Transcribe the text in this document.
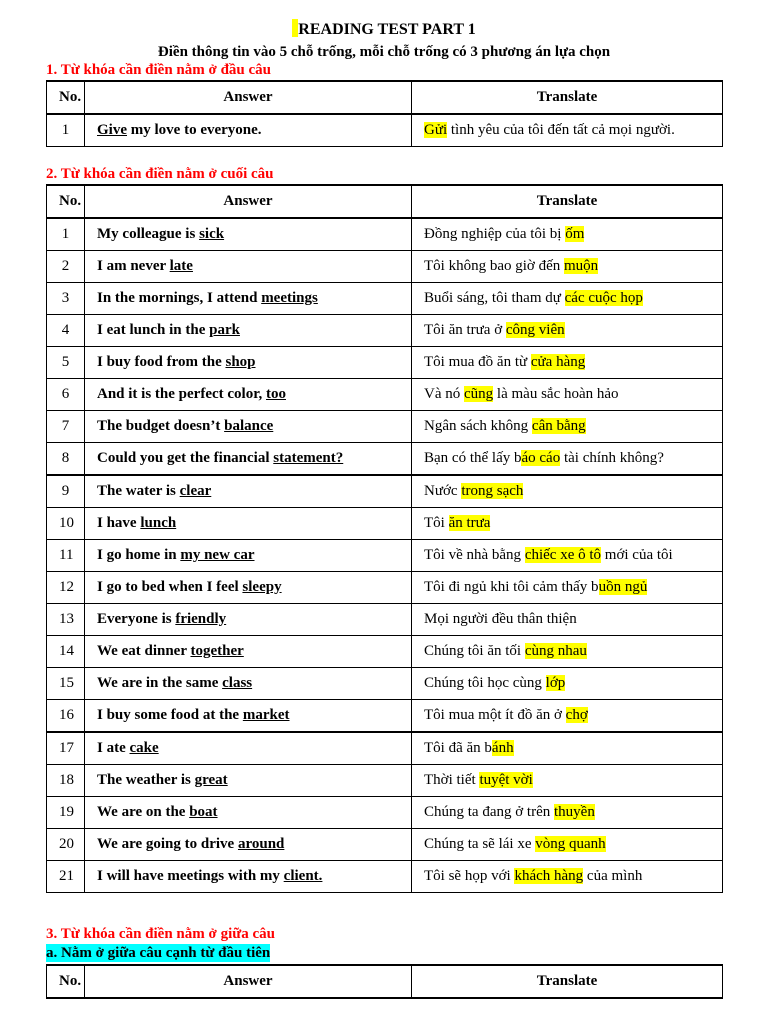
READING TEST PART 1
Điền thông tin vào 5 chỗ trống, mỗi chỗ trống có 3 phương án lựa chọn
1. Từ khóa cần điền nằm ở đầu câu
No.	Answer	Translate
1	Give my love to everyone.	Gửi tình yêu của tôi đến tất cả mọi người.
2. Từ khóa cần điền nằm ở cuối câu
No.	Answer	Translate
1	My colleague is sick	Đồng nghiệp của tôi bị ốm
2	I am never late	Tôi không bao giờ đến muộn
3	In the mornings, I attend meetings	Buổi sáng, tôi tham dự các cuộc họp
4	I eat lunch in the park	Tôi ăn trưa ở công viên
5	I buy food from the shop	Tôi mua đồ ăn từ cửa hàng
6	And it is the perfect color, too	Và nó cũng là màu sắc hoàn hảo
7	The budget doesn’t balance	Ngân sách không cân bằng
8	Could you get the financial statement?	Bạn có thể lấy báo cáo tài chính không?
9	The water is clear	Nước trong sạch
10	I have lunch	Tôi ăn trưa
11	I go home in my new car	Tôi về nhà bằng chiếc xe ô tô mới của tôi
12	I go to bed when I feel sleepy	Tôi đi ngủ khi tôi cảm thấy buồn ngủ
13	Everyone is friendly	Mọi người đều thân thiện
14	We eat dinner together	Chúng tôi ăn tối cùng nhau
15	We are in the same class	Chúng tôi học cùng lớp
16	I buy some food at the market	Tôi mua một ít đồ ăn ở chợ
17	I ate cake	Tôi đã ăn bánh
18	The weather is great	Thời tiết tuyệt vời
19	We are on the boat	Chúng ta đang ở trên thuyền
20	We are going to drive around	Chúng ta sẽ lái xe vòng quanh
21	I will have meetings with my client.	Tôi sẽ họp với khách hàng của mình
3. Từ khóa cần điền nằm ở giữa câu
a. Nằm ở giữa câu cạnh từ đầu tiên
No.	Answer	Translate
